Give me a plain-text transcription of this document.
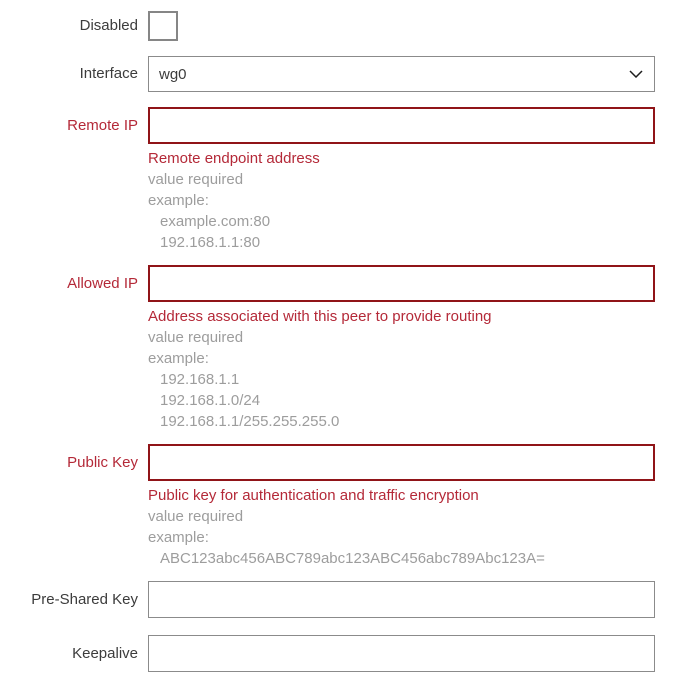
Disabled
Interface
wg0
Remote IP
Remote endpoint address
value required
example:
example.com:80
192.168.1.1:80
Allowed IP
Address associated with this peer to provide routing
value required
example:
192.168.1.1
192.168.1.0/24
192.168.1.1/255.255.255.0
Public Key
Public key for authentication and traffic encryption
value required
example:
ABC123abc456ABC789abc123ABC456abc789Abc123A=
Pre-Shared Key
Keepalive
